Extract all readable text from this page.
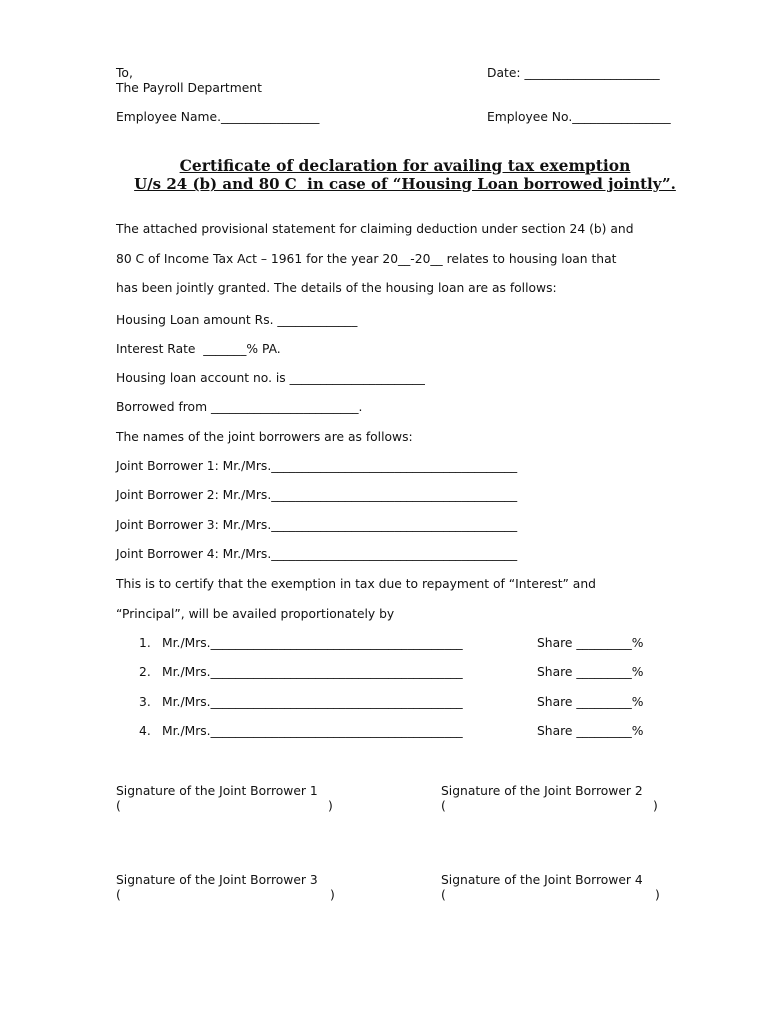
To,
The Payroll Department
Date: ______________________
Employee Name.________________	Employee No.________________
Certificate of declaration for availing tax exemption
U/s 24 (b) and 80 C  in case of “Housing Loan borrowed jointly”.
The attached provisional statement for claiming deduction under section 24 (b) and
80 C of Income Tax Act – 1961 for the year 20__-20__ relates to housing loan that
has been jointly granted. The details of the housing loan are as follows:
Housing Loan amount Rs. _____________
Interest Rate  _______% PA.
Housing loan account no. is ______________________
Borrowed from ________________________.
The names of the joint borrowers are as follows:
Joint Borrower 1: Mr./Mrs.________________________________________
Joint Borrower 2: Mr./Mrs.________________________________________
Joint Borrower 3: Mr./Mrs.________________________________________
Joint Borrower 4: Mr./Mrs.________________________________________
This is to certify that the exemption in tax due to repayment of “Interest” and
“Principal”, will be availed proportionately by
1. Mr./Mrs._________________________________________	Share _________%
2. Mr./Mrs._________________________________________	Share _________%
3. Mr./Mrs._________________________________________	Share _________%
4. Mr./Mrs._________________________________________	Share _________%
Signature of the Joint Borrower 1
(	)
Signature of the Joint Borrower 2
(	)
Signature of the Joint Borrower 3
(	)
Signature of the Joint Borrower 4
(	)
